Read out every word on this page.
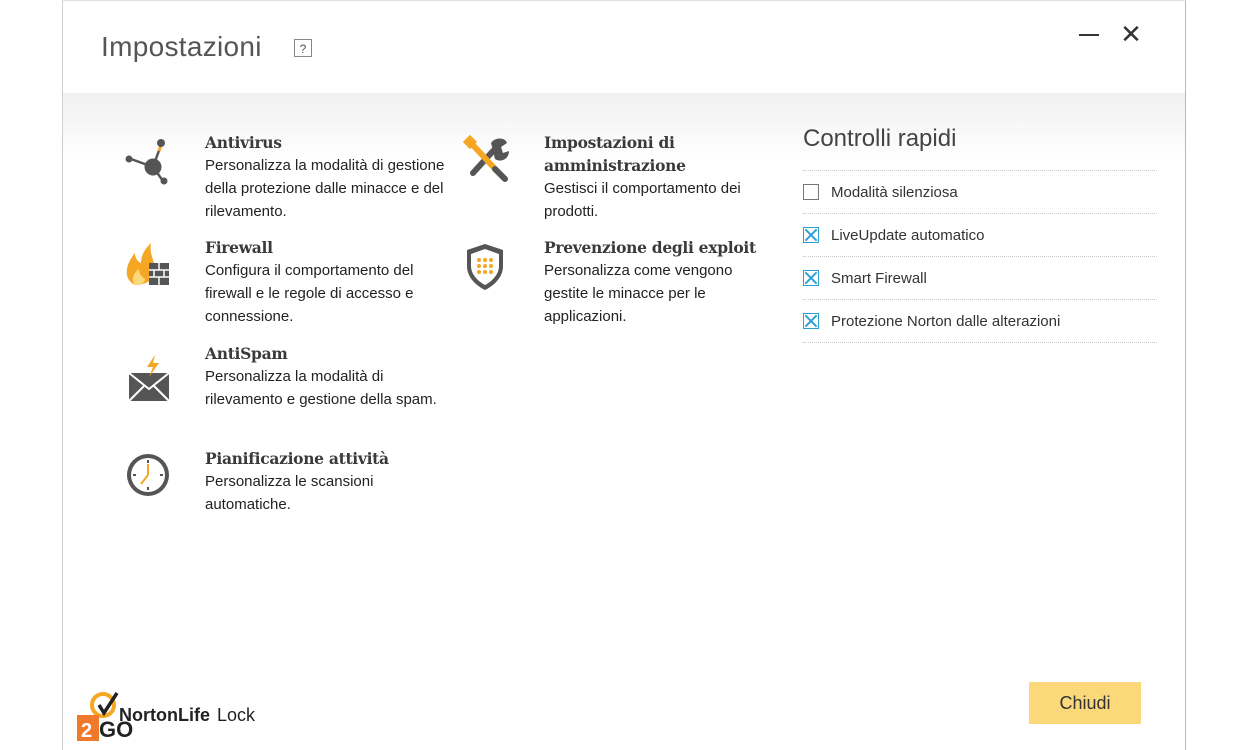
Impostazioni	?	✕
Antivirus
Personalizza la modalità di gestione della protezione dalle minacce e del rilevamento.
Firewall
Configura il comportamento del firewall e le regole di accesso e connessione.
AntiSpam
Personalizza la modalità di rilevamento e gestione della spam.
Pianificazione attività
Personalizza le scansioni automatiche.
Impostazioni di amministrazione
Gestisci il comportamento dei prodotti.
Prevenzione degli exploit
Personalizza come vengono gestite le minacce per le applicazioni.
Controlli rapidi
Modalità silenziosa
LiveUpdate automatico
Smart Firewall
Protezione Norton dalle alterazioni
2 GO
NortonLife Lock
Chiudi
